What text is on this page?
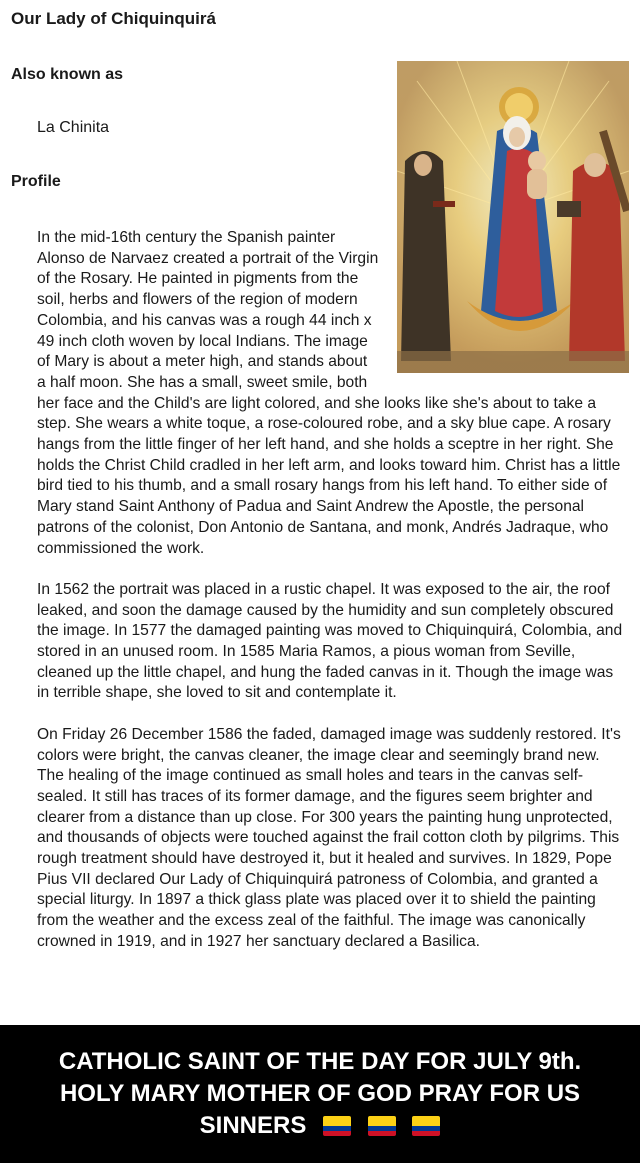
Our Lady of Chiquinquirá
Also known as
La Chinita
Profile

In the mid-16th century the Spanish painter Alonso de Narvaez created a portrait of the Virgin of the Rosary. He painted in pigments from the soil, herbs and flowers of the region of modern Colombia, and his canvas was a rough 44 inch x 49 inch cloth woven by local Indians. The image of Mary is about a meter high, and stands about a half moon. She has a small, sweet smile, both her face and the Child's are light colored, and she looks like she's about to take a step. She wears a white toque, a rose-coloured robe, and a sky blue cape. A rosary hangs from the little finger of her left hand, and she holds a sceptre in her right. She holds the Christ Child cradled in her left arm, and looks toward him. Christ has a little bird tied to his thumb, and a small rosary hangs from his left hand. To either side of Mary stand Saint Anthony of Padua and Saint Andrew the Apostle, the personal patrons of the colonist, Don Antonio de Santana, and monk, Andrés Jadraque, who commissioned the work.

In 1562 the portrait was placed in a rustic chapel. It was exposed to the air, the roof leaked, and soon the damage caused by the humidity and sun completely obscured the image. In 1577 the damaged painting was moved to Chiquinquirá, Colombia, and stored in an unused room. In 1585 Maria Ramos, a pious woman from Seville, cleaned up the little chapel, and hung the faded canvas in it. Though the image was in terrible shape, she loved to sit and contemplate it.

On Friday 26 December 1586 the faded, damaged image was suddenly restored. It's colors were bright, the canvas cleaner, the image clear and seemingly brand new. The healing of the image continued as small holes and tears in the canvas self-sealed. It still has traces of its former damage, and the figures seem brighter and clearer from a distance than up close. For 300 years the painting hung unprotected, and thousands of objects were touched against the frail cotton cloth by pilgrims. This rough treatment should have destroyed it, but it healed and survives. In 1829, Pope Pius VII declared Our Lady of Chiquinquirá patroness of Colombia, and granted a special liturgy. In 1897 a thick glass plate was placed over it to shield the painting from the weather and the excess zeal of the faithful. The image was canonically crowned in 1919, and in 1927 her sanctuary declared a Basilica.

CATHOLIC SAINT OF THE DAY FOR JULY 9th.
HOLY MARY MOTHER OF GOD PRAY FOR US
SINNERS
